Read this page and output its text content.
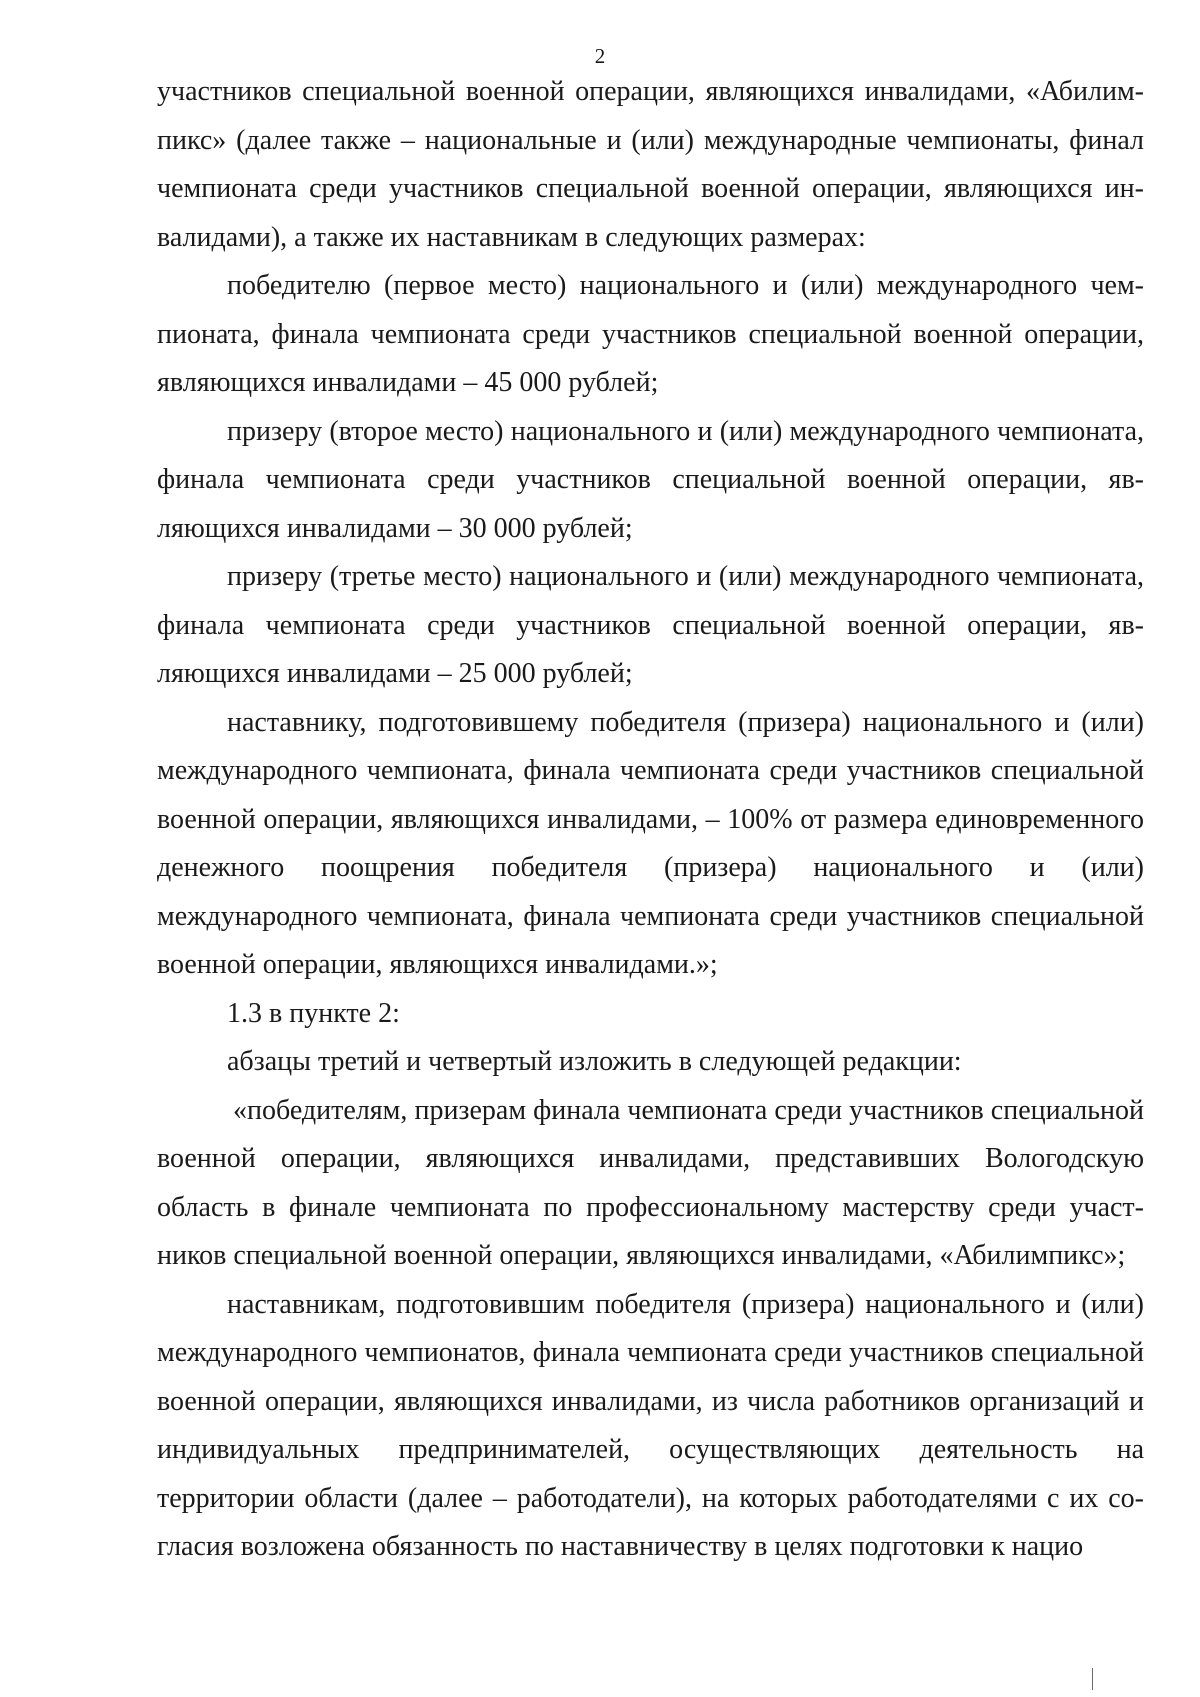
2

участников специальной военной операции, являющихся инвалидами, «Абилимпикс» (далее также – национальные и (или) международные чемпионаты, финал чемпионата среди участников специальной военной операции, являющихся инвалидами), а также их наставникам в следующих размерах:

победителю (первое место) национального и (или) международного чемпионата, финала чемпионата среди участников специальной военной операции, являющихся инвалидами – 45 000 рублей;

призеру (второе место) национального и (или) международного чемпионата, финала чемпионата среди участников специальной военной операции, являющихся инвалидами – 30 000 рублей;

призеру (третье место) национального и (или) международного чемпионата, финала чемпионата среди участников специальной военной операции, являющихся инвалидами – 25 000 рублей;

наставнику, подготовившему победителя (призера) национального и (или) международного чемпионата, финала чемпионата среди участников специальной военной операции, являющихся инвалидами, – 100% от размера единовременного денежного поощрения победителя (призера) национального и (или) международного чемпионата, финала чемпионата среди участников специальной военной операции, являющихся инвалидами.»;

1.3 в пункте 2:

абзацы третий и четвертый изложить в следующей редакции:

«победителям, призерам финала чемпионата среди участников специальной военной операции, являющихся инвалидами, представивших Вологодскую область в финале чемпионата по профессиональному мастерству среди участников специальной военной операции, являющихся инвалидами, «Абилимпикс»;

наставникам, подготовившим победителя (призера) национального и (или) международного чемпионатов, финала чемпионата среди участников специальной военной операции, являющихся инвалидами, из числа работников организаций и индивидуальных предпринимателей, осуществляющих деятельность на территории области (далее – работодатели), на которых работодателями с их согласия возложена обязанность по наставничеству в целях подготовки к нацио
